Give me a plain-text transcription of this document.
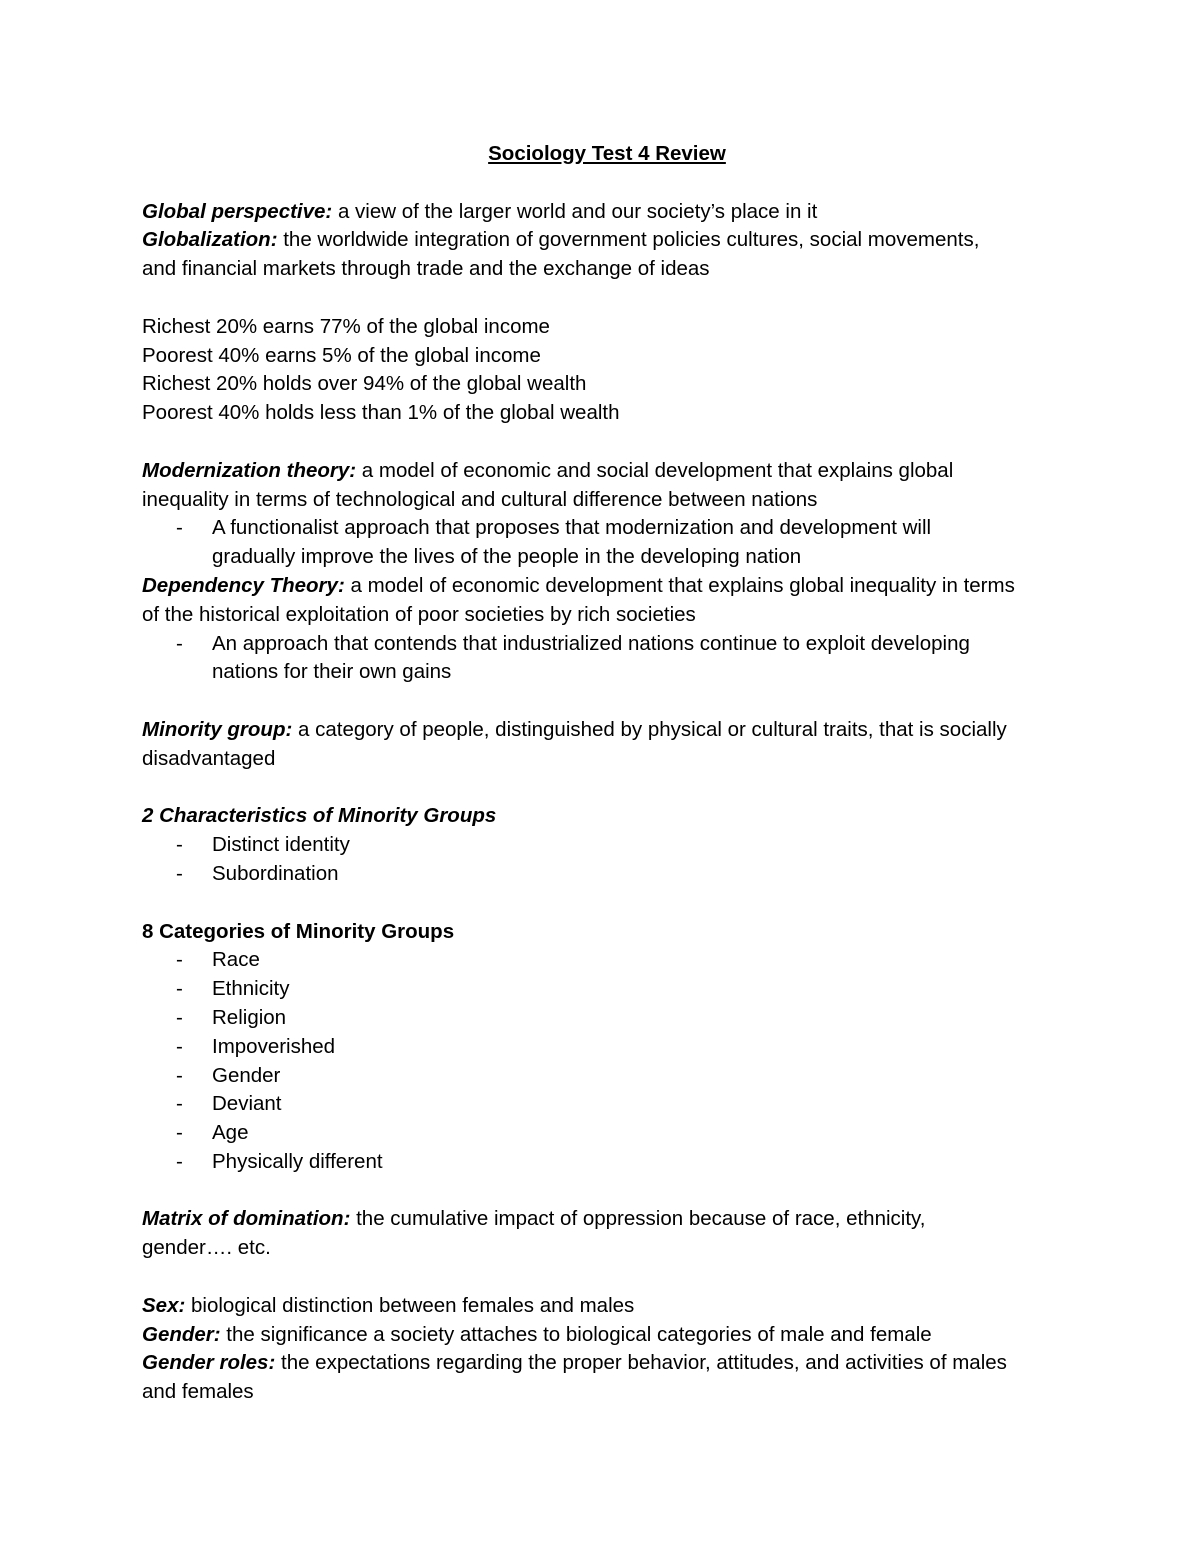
Sociology Test 4 Review
Global perspective: a view of the larger world and our society’s place in it
Globalization: the worldwide integration of government policies cultures, social movements,
and financial markets through trade and the exchange of ideas
Richest 20% earns 77% of the global income
Poorest 40% earns 5% of the global income
Richest 20% holds over 94% of the global wealth
Poorest 40% holds less than 1% of the global wealth
Modernization theory: a model of economic and social development that explains global
inequality in terms of technological and cultural difference between nations
- A functionalist approach that proposes that modernization and development will
gradually improve the lives of the people in the developing nation
Dependency Theory: a model of economic development that explains global inequality in terms
of the historical exploitation of poor societies by rich societies
- An approach that contends that industrialized nations continue to exploit developing
nations for their own gains
Minority group: a category of people, distinguished by physical or cultural traits, that is socially
disadvantaged
2 Characteristics of Minority Groups
- Distinct identity
- Subordination
8 Categories of Minority Groups
- Race
- Ethnicity
- Religion
- Impoverished
- Gender
- Deviant
- Age
- Physically different
Matrix of domination: the cumulative impact of oppression because of race, ethnicity,
gender…. etc.
Sex: biological distinction between females and males
Gender: the significance a society attaches to biological categories of male and female
Gender roles: the expectations regarding the proper behavior, attitudes, and activities of males
and females
